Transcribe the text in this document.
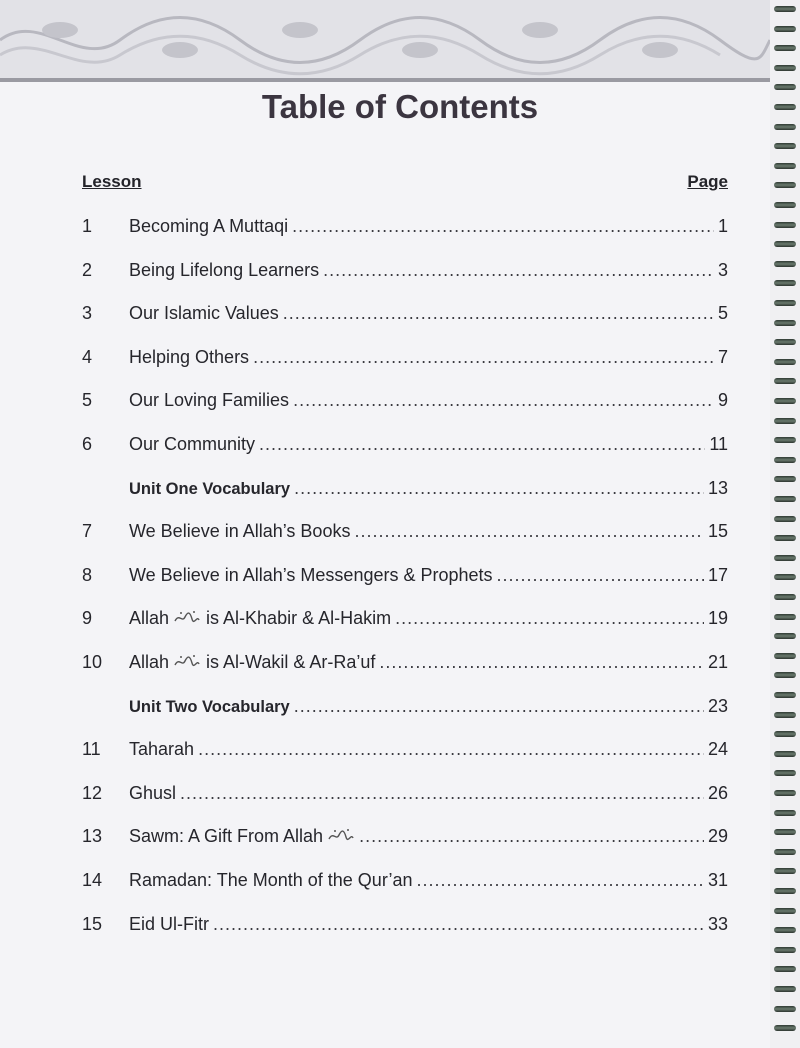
Table of Contents
Lesson	Page
1	Becoming A Muttaqi .....	1
2	Being Lifelong Learners .....	3
3	Our Islamic Values .....	5
4	Helping Others .....	7
5	Our Loving Families .....	9
6	Our Community .....	11
Unit One Vocabulary .....	13
7	We Believe in Allah’s Books .....	15
8	We Believe in Allah’s Messengers & Prophets .....	17
9	Allah is Al-Khabir & Al-Hakim .....	19
10	Allah is Al-Wakil & Ar-Ra’uf .....	21
Unit Two Vocabulary .....	23
11	Taharah .....	24
12	Ghusl .....	26
13	Sawm: A Gift From Allah .....	29
14	Ramadan: The Month of the Qur’an .....	31
15	Eid Ul-Fitr .....	33
